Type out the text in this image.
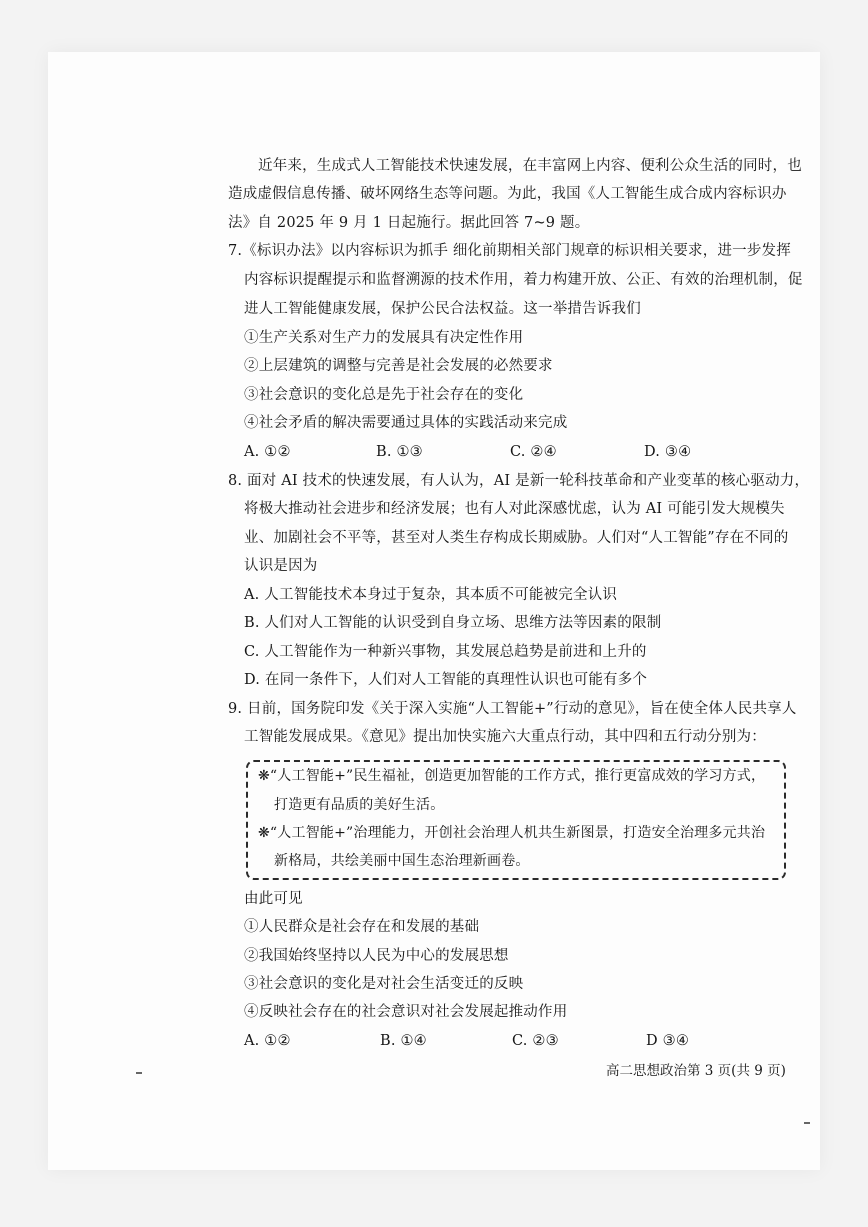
近年来，生成式人工智能技术快速发展，在丰富网上内容、便利公众生活的同时，也
造成虚假信息传播、破坏网络生态等问题。为此，我国《人工智能生成合成内容标识办
法》自 2025 年 9 月 1 日起施行。据此回答 7~9 题。
7.《标识办法》以内容标识为抓手 细化前期相关部门规章的标识相关要求，进一步发挥
内容标识提醒提示和监督溯源的技术作用，着力构建开放、公正、有效的治理机制，促
进人工智能健康发展，保护公民合法权益。这一举措告诉我们
①生产关系对生产力的发展具有决定性作用
②上层建筑的调整与完善是社会发展的必然要求
③社会意识的变化总是先于社会存在的变化
④社会矛盾的解决需要通过具体的实践活动来完成
A. ①②	B. ①③	C. ②④	D. ③④
8. 面对 AI 技术的快速发展，有人认为，AI 是新一轮科技革命和产业变革的核心驱动力，
将极大推动社会进步和经济发展；也有人对此深感忧虑，认为 AI 可能引发大规模失
业、加剧社会不平等，甚至对人类生存构成长期威胁。人们对“人工智能”存在不同的
认识是因为
A. 人工智能技术本身过于复杂，其本质不可能被完全认识
B. 人们对人工智能的认识受到自身立场、思维方法等因素的限制
C. 人工智能作为一种新兴事物，其发展总趋势是前进和上升的
D. 在同一条件下，人们对人工智能的真理性认识也可能有多个
9. 日前，国务院印发《关于深入实施“人工智能+”行动的意见》，旨在使全体人民共享人
工智能发展成果。《意见》提出加快实施六大重点行动，其中四和五行动分别为：
❋“人工智能+”民生福祉，创造更加智能的工作方式，推行更富成效的学习方式，
打造更有品质的美好生活。
❋“人工智能+”治理能力，开创社会治理人机共生新图景，打造安全治理多元共治
新格局，共绘美丽中国生态治理新画卷。
由此可见
①人民群众是社会存在和发展的基础
②我国始终坚持以人民为中心的发展思想
③社会意识的变化是对社会生活变迁的反映
④反映社会存在的社会意识对社会发展起推动作用
A. ①②	B. ①④	C. ②③	D ③④
高二思想政治第 3 页(共 9 页)
